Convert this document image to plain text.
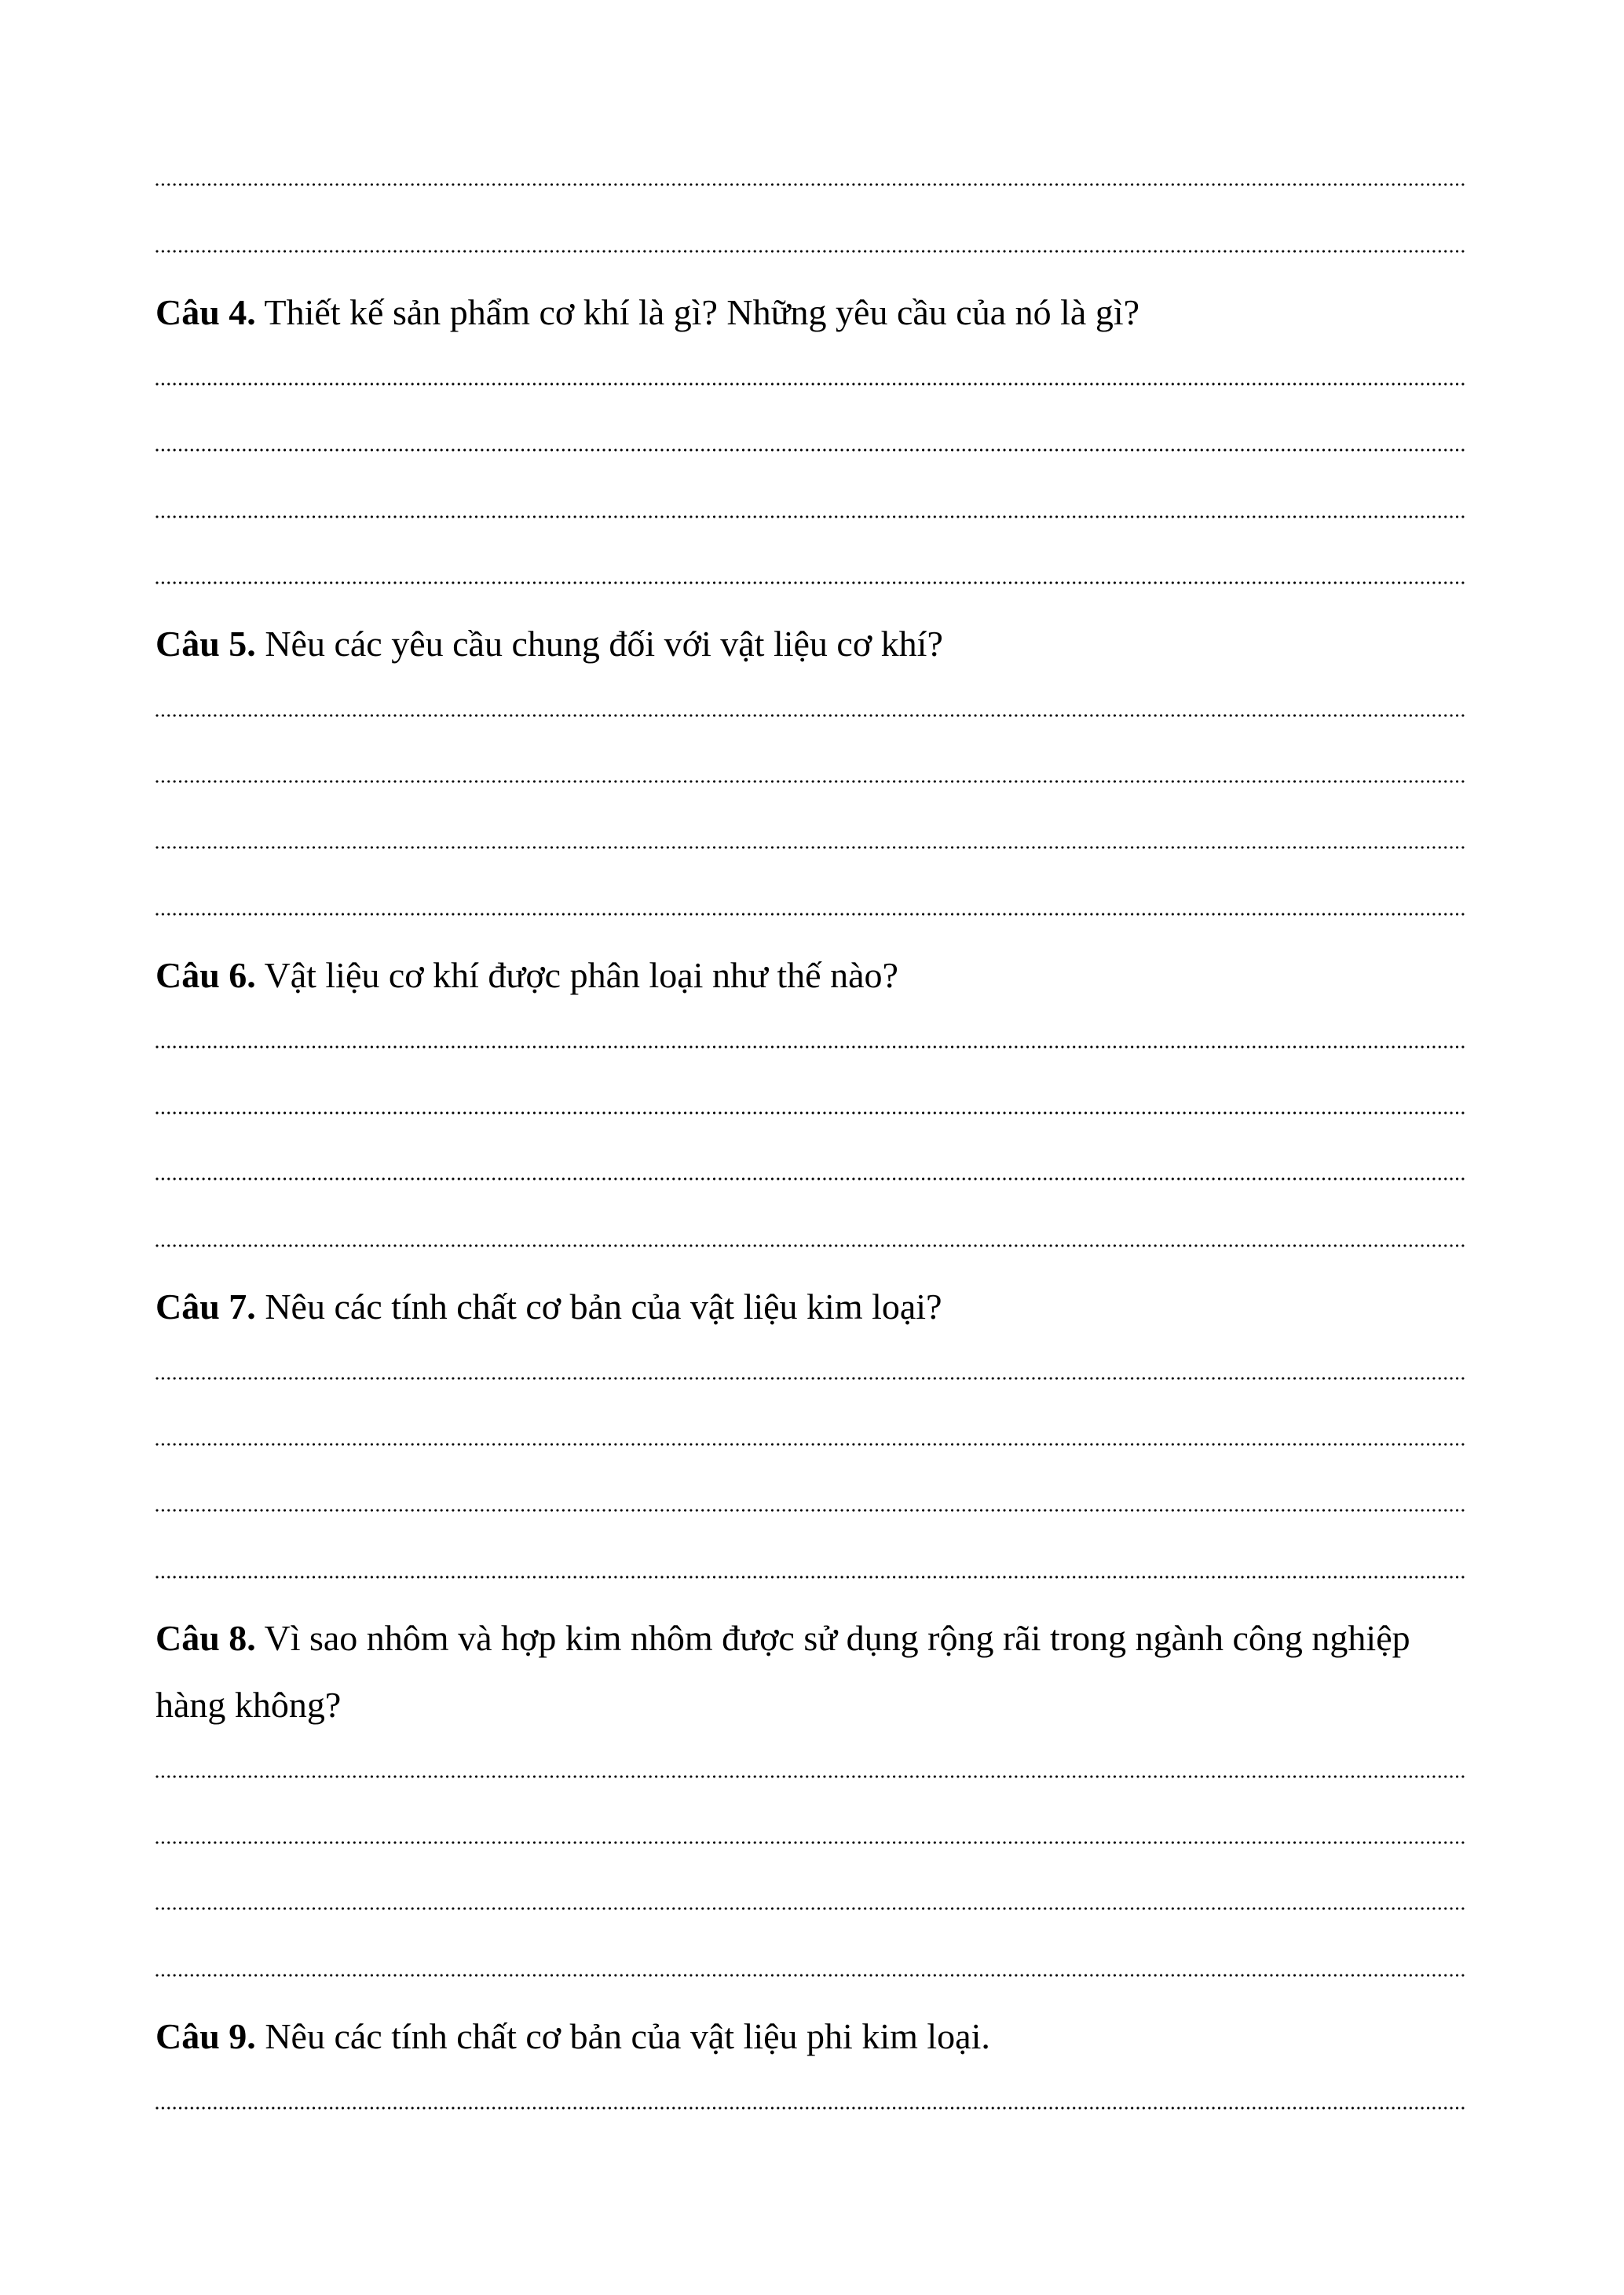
Câu 4. Thiết kế sản phẩm cơ khí là gì? Những yêu cầu của nó là gì?
Câu 5. Nêu các yêu cầu chung đối với vật liệu cơ khí?
Câu 6. Vật liệu cơ khí được phân loại như thế nào?
Câu 7. Nêu các tính chất cơ bản của vật liệu kim loại?
Câu 8. Vì sao nhôm và hợp kim nhôm được sử dụng rộng rãi trong ngành công nghiệp
hàng không?
Câu 9. Nêu các tính chất cơ bản của vật liệu phi kim loại.
